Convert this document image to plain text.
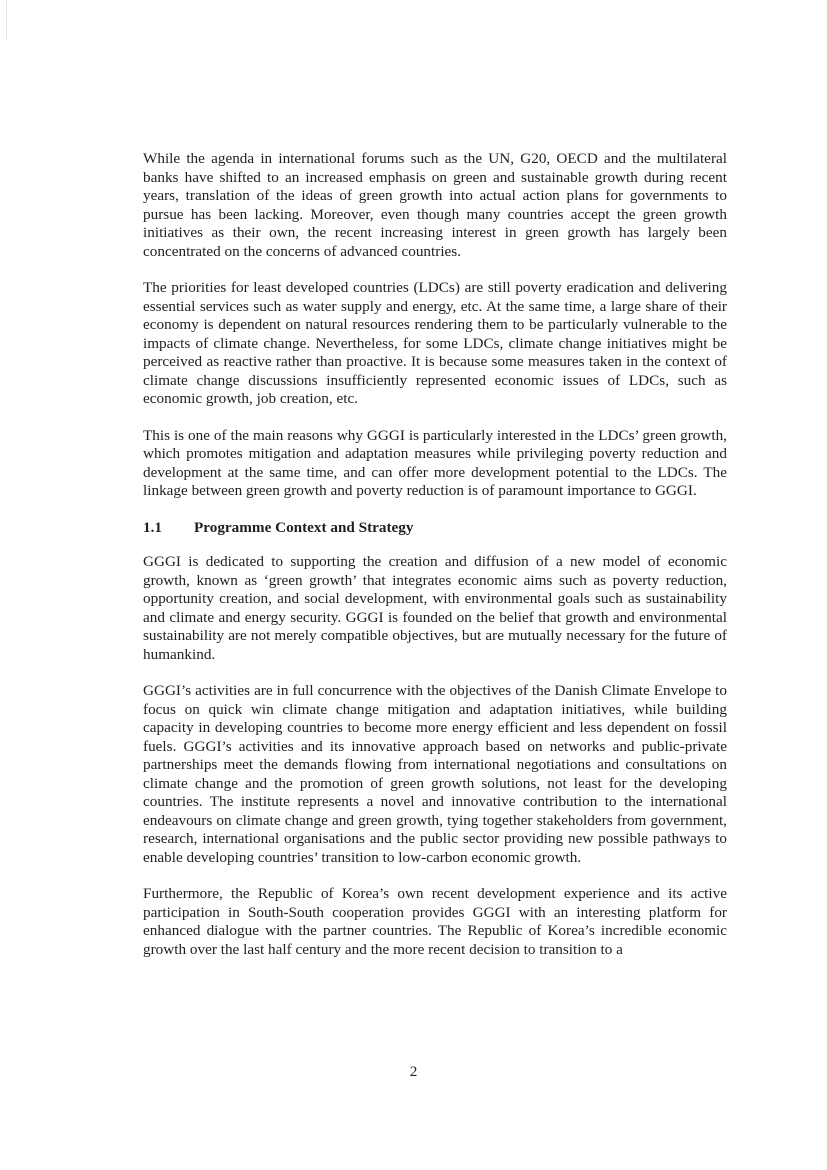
While the agenda in international forums such as the UN, G20, OECD and the multilateral banks have shifted to an increased emphasis on green and sustainable growth during recent years, translation of the ideas of green growth into actual action plans for governments to pursue has been lacking. Moreover, even though many countries accept the green growth initiatives as their own, the recent increasing interest in green growth has largely been concentrated on the concerns of advanced countries.

The priorities for least developed countries (LDCs) are still poverty eradication and delivering essential services such as water supply and energy, etc. At the same time, a large share of their economy is dependent on natural resources rendering them to be particularly vulnerable to the impacts of climate change. Nevertheless, for some LDCs, climate change initiatives might be perceived as reactive rather than proactive. It is because some measures taken in the context of climate change discussions insufficiently represented economic issues of LDCs, such as economic growth, job creation, etc.

This is one of the main reasons why GGGI is particularly interested in the LDCs’ green growth, which promotes mitigation and adaptation measures while privileging poverty reduction and development at the same time, and can offer more development potential to the LDCs. The linkage between green growth and poverty reduction is of paramount importance to GGGI.

1.1	Programme Context and Strategy

GGGI is dedicated to supporting the creation and diffusion of a new model of economic growth, known as ‘green growth’ that integrates economic aims such as poverty reduction, opportunity creation, and social development, with environmental goals such as sustainability and climate and energy security. GGGI is founded on the belief that growth and environmental sustainability are not merely compatible objectives, but are mutually necessary for the future of humankind.

GGGI’s activities are in full concurrence with the objectives of the Danish Climate Envelope to focus on quick win climate change mitigation and adaptation initiatives, while building capacity in developing countries to become more energy efficient and less dependent on fossil fuels. GGGI’s activities and its innovative approach based on networks and public-private partnerships meet the demands flowing from international negotiations and consultations on climate change and the promotion of green growth solutions, not least for the developing countries. The institute represents a novel and innovative contribution to the international endeavours on climate change and green growth, tying together stakeholders from government, research, international organisations and the public sector providing new possible pathways to enable developing countries’ transition to low-carbon economic growth.

Furthermore, the Republic of Korea’s own recent development experience and its active participation in South-South cooperation provides GGGI with an interesting platform for enhanced dialogue with the partner countries. The Republic of Korea’s incredible economic growth over the last half century and the more recent decision to transition to a

2
